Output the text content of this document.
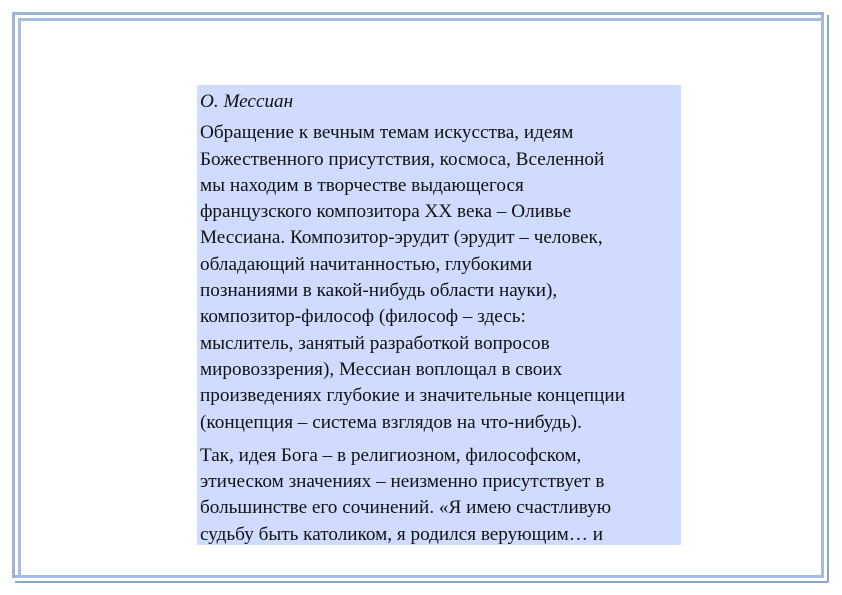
О. Мессиан
Обращение к вечным темам искусства, идеям
Божественного присутствия, космоса, Вселенной
мы находим в творчестве выдающегося
французского композитора XX века – Оливье
Мессиана. Композитор-эрудит (эрудит – человек,
обладающий начитанностью, глубокими
познаниями в какой-нибудь области науки),
композитор-философ (философ – здесь:
мыслитель, занятый разработкой вопросов
мировоззрения), Мессиан воплощал в своих
произведениях глубокие и значительные концепции
(концепция – система взглядов на что-нибудь).
Так, идея Бога – в религиозном, философском,
этическом значениях – неизменно присутствует в
большинстве его сочинений. «Я имею счастливую
судьбу быть католиком, я родился верующим… и
